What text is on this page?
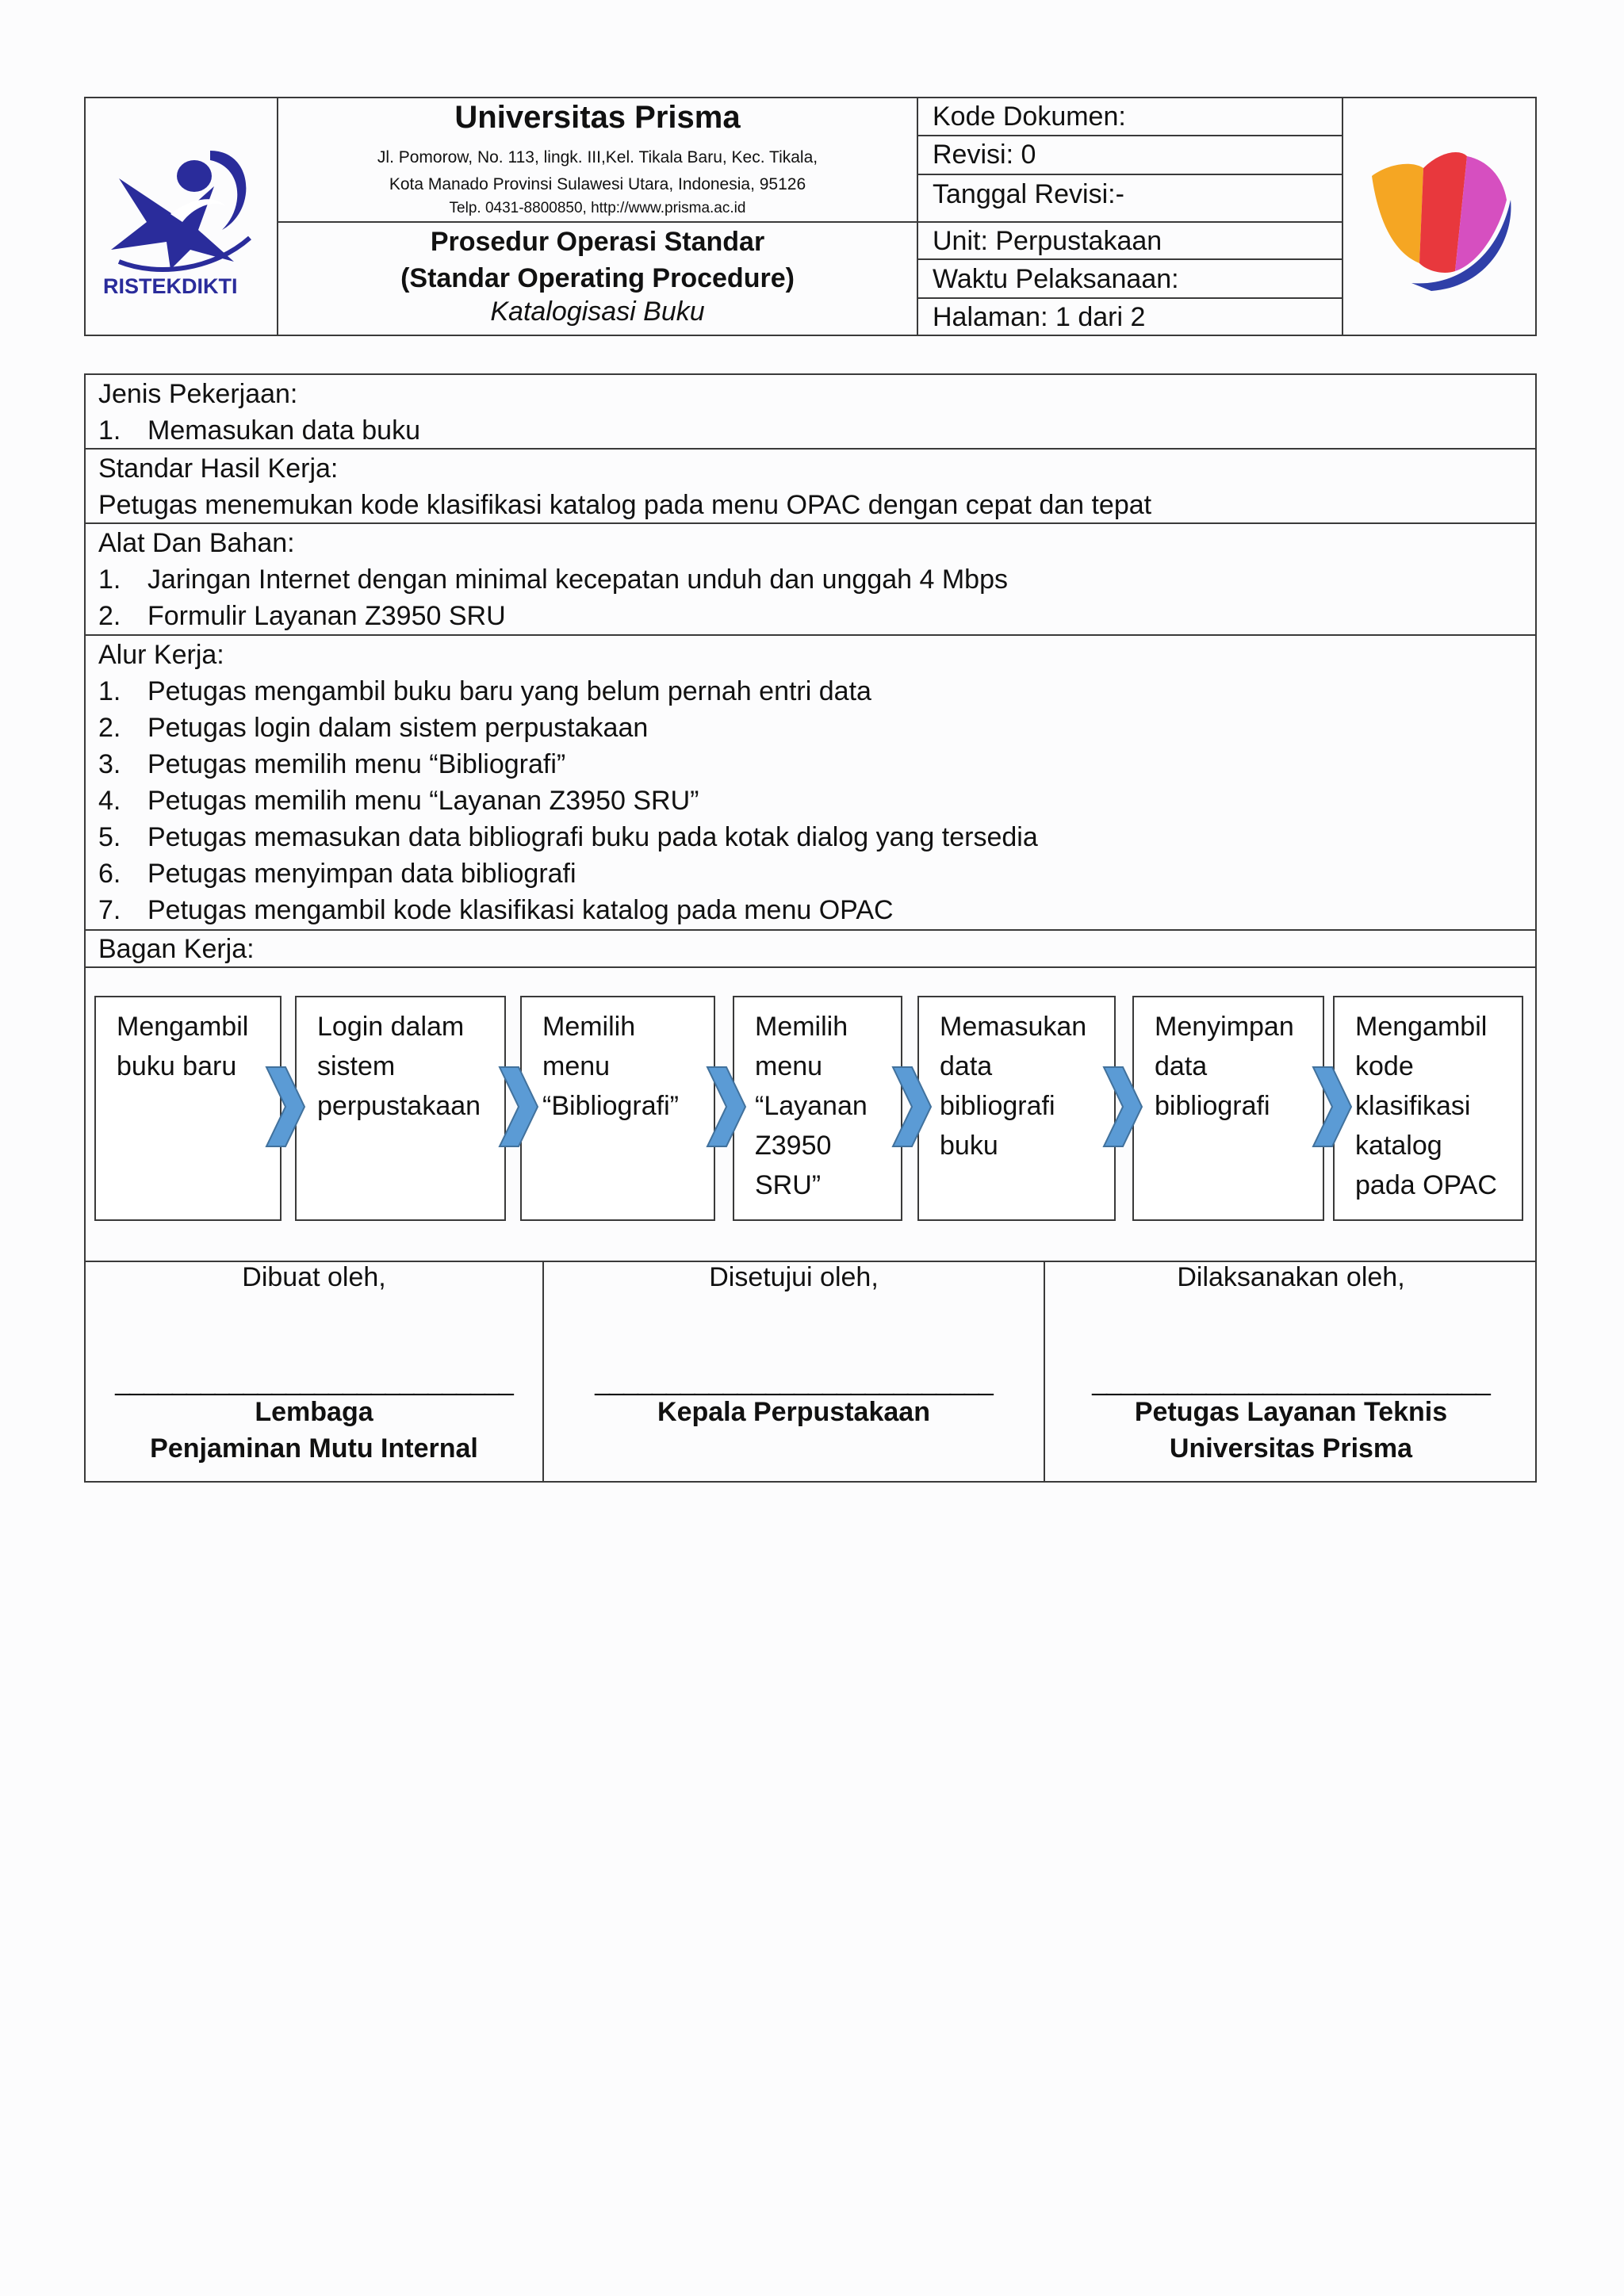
RISTEKDIKTI
Universitas Prisma
Jl. Pomorow, No. 113, lingk. III,Kel. Tikala Baru, Kec. Tikala,
Kota Manado Provinsi Sulawesi Utara, Indonesia, 95126
Telp. 0431-8800850, http://www.prisma.ac.id
Prosedur Operasi Standar
(Standar Operating Procedure)
Katalogisasi Buku
Kode Dokumen:
Revisi: 0
Tanggal Revisi:-
Unit: Perpustakaan
Waktu Pelaksanaan:
Halaman: 1 dari 2
Jenis Pekerjaan:
1. Memasukan data buku
Standar Hasil Kerja:
Petugas menemukan kode klasifikasi katalog pada menu OPAC dengan cepat dan tepat
Alat Dan Bahan:
1. Jaringan Internet dengan minimal kecepatan unduh dan unggah 4 Mbps
2. Formulir Layanan Z3950 SRU
Alur Kerja:
1. Petugas mengambil buku baru yang belum pernah entri data
2. Petugas login dalam sistem perpustakaan
3. Petugas memilih menu “Bibliografi”
4. Petugas memilih menu “Layanan Z3950 SRU”
5. Petugas memasukan data bibliografi buku pada kotak dialog yang tersedia
6. Petugas menyimpan data bibliografi
7. Petugas mengambil kode klasifikasi katalog pada menu OPAC
Bagan Kerja:
Mengambil
buku baru
Login dalam
sistem
perpustakaan
Memilih
menu
“Bibliografi”
Memilih
menu
“Layanan
Z3950
SRU”
Memasukan
data
bibliografi
buku
Menyimpan
data
bibliografi
Mengambil
kode
klasifikasi
katalog
pada OPAC
Dibuat oleh,
____________________________
Lembaga
Penjaminan Mutu Internal
Disetujui oleh,
____________________________
Kepala Perpustakaan
Dilaksanakan oleh,
____________________________
Petugas Layanan Teknis
Universitas Prisma
